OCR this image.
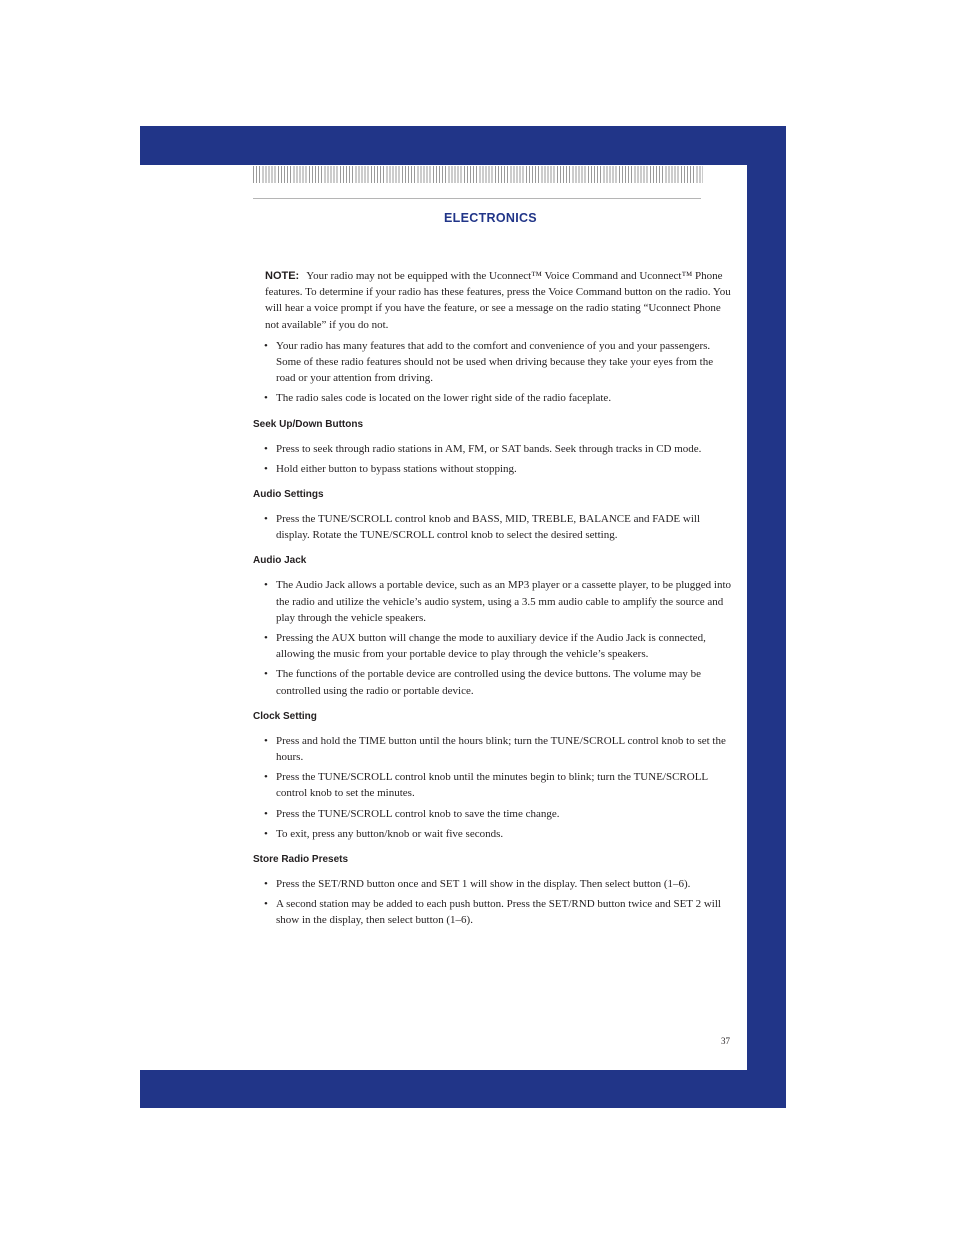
ELECTRONICS

NOTE: Your radio may not be equipped with the Uconnect™ Voice Command and Uconnect™ Phone features. To determine if your radio has these features, press the Voice Command button on the radio. You will hear a voice prompt if you have the feature, or see a message on the radio stating “Uconnect Phone not available” if you do not.

• Your radio has many features that add to the comfort and convenience of you and your passengers. Some of these radio features should not be used when driving because they take your eyes from the road or your attention from driving.
• The radio sales code is located on the lower right side of the radio faceplate.
Seek Up/Down Buttons
• Press to seek through radio stations in AM, FM, or SAT bands. Seek through tracks in CD mode.
• Hold either button to bypass stations without stopping.
Audio Settings
• Press the TUNE/SCROLL control knob and BASS, MID, TREBLE, BALANCE and FADE will display. Rotate the TUNE/SCROLL control knob to select the desired setting.
Audio Jack
• The Audio Jack allows a portable device, such as an MP3 player or a cassette player, to be plugged into the radio and utilize the vehicle’s audio system, using a 3.5 mm audio cable to amplify the source and play through the vehicle speakers.
• Pressing the AUX button will change the mode to auxiliary device if the Audio Jack is connected, allowing the music from your portable device to play through the vehicle’s speakers.
• The functions of the portable device are controlled using the device buttons. The volume may be controlled using the radio or portable device.
Clock Setting
• Press and hold the TIME button until the hours blink; turn the TUNE/SCROLL control knob to set the hours.
• Press the TUNE/SCROLL control knob until the minutes begin to blink; turn the TUNE/SCROLL control knob to set the minutes.
• Press the TUNE/SCROLL control knob to save the time change.
• To exit, press any button/knob or wait five seconds.
Store Radio Presets
• Press the SET/RND button once and SET 1 will show in the display. Then select button (1–6).
• A second station may be added to each push button. Press the SET/RND button twice and SET 2 will show in the display, then select button (1–6).
37
